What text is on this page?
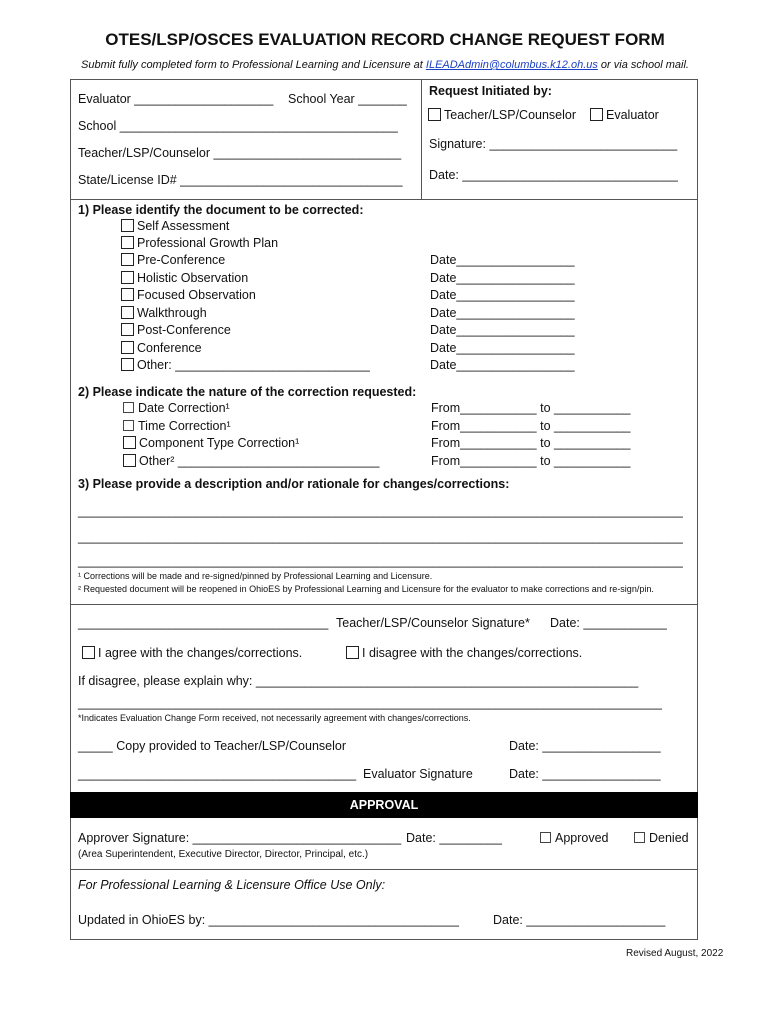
OTES/LSP/OSCES EVALUATION RECORD CHANGE REQUEST FORM
Submit fully completed form to Professional Learning and Licensure at ILEADAdmin@columbus.k12.oh.us or via school mail.
Evaluator ____________________ School Year _______
School ________________________________________
Teacher/LSP/Counselor ___________________________
State/License ID# ________________________________
Request Initiated by:
Teacher/LSP/Counselor	Evaluator
Signature: ___________________________
Date: _______________________________
1) Please identify the document to be corrected:
Self Assessment
Professional Growth Plan
Pre-Conference	Date_________________
Holistic Observation	Date_________________
Focused Observation	Date_________________
Walkthrough	Date_________________
Post-Conference	Date_________________
Conference	Date_________________
Other: ____________________________	Date_________________
2) Please indicate the nature of the correction requested:
Date Correction¹	From___________ to ___________
Time Correction¹	From___________ to ___________
Component Type Correction¹	From___________ to ___________
Other² _____________________________	From___________ to ___________
3) Please provide a description and/or rationale for changes/corrections:
_______________________________________________________________________________________
_______________________________________________________________________________________
_______________________________________________________________________________________
¹ Corrections will be made and re-signed/pinned by Professional Learning and Licensure.
² Requested document will be reopened in OhioES by Professional Learning and Licensure for the evaluator to make corrections and re-sign/pin.
____________________________________ Teacher/LSP/Counselor Signature* Date: ____________
I agree with the changes/corrections.	I disagree with the changes/corrections.
If disagree, please explain why: _______________________________________________________
____________________________________________________________________________________
*Indicates Evaluation Change Form received, not necessarily agreement with changes/corrections.
_____ Copy provided to Teacher/LSP/Counselor	Date: _________________
________________________________________ Evaluator Signature	Date: _________________
APPROVAL
Approver Signature: ______________________________ Date: _________	Approved	Denied
(Area Superintendent, Executive Director, Director, Principal, etc.)
For Professional Learning & Licensure Office Use Only:
Updated in OhioES by: ____________________________________	Date: ____________________
Revised August, 2022
